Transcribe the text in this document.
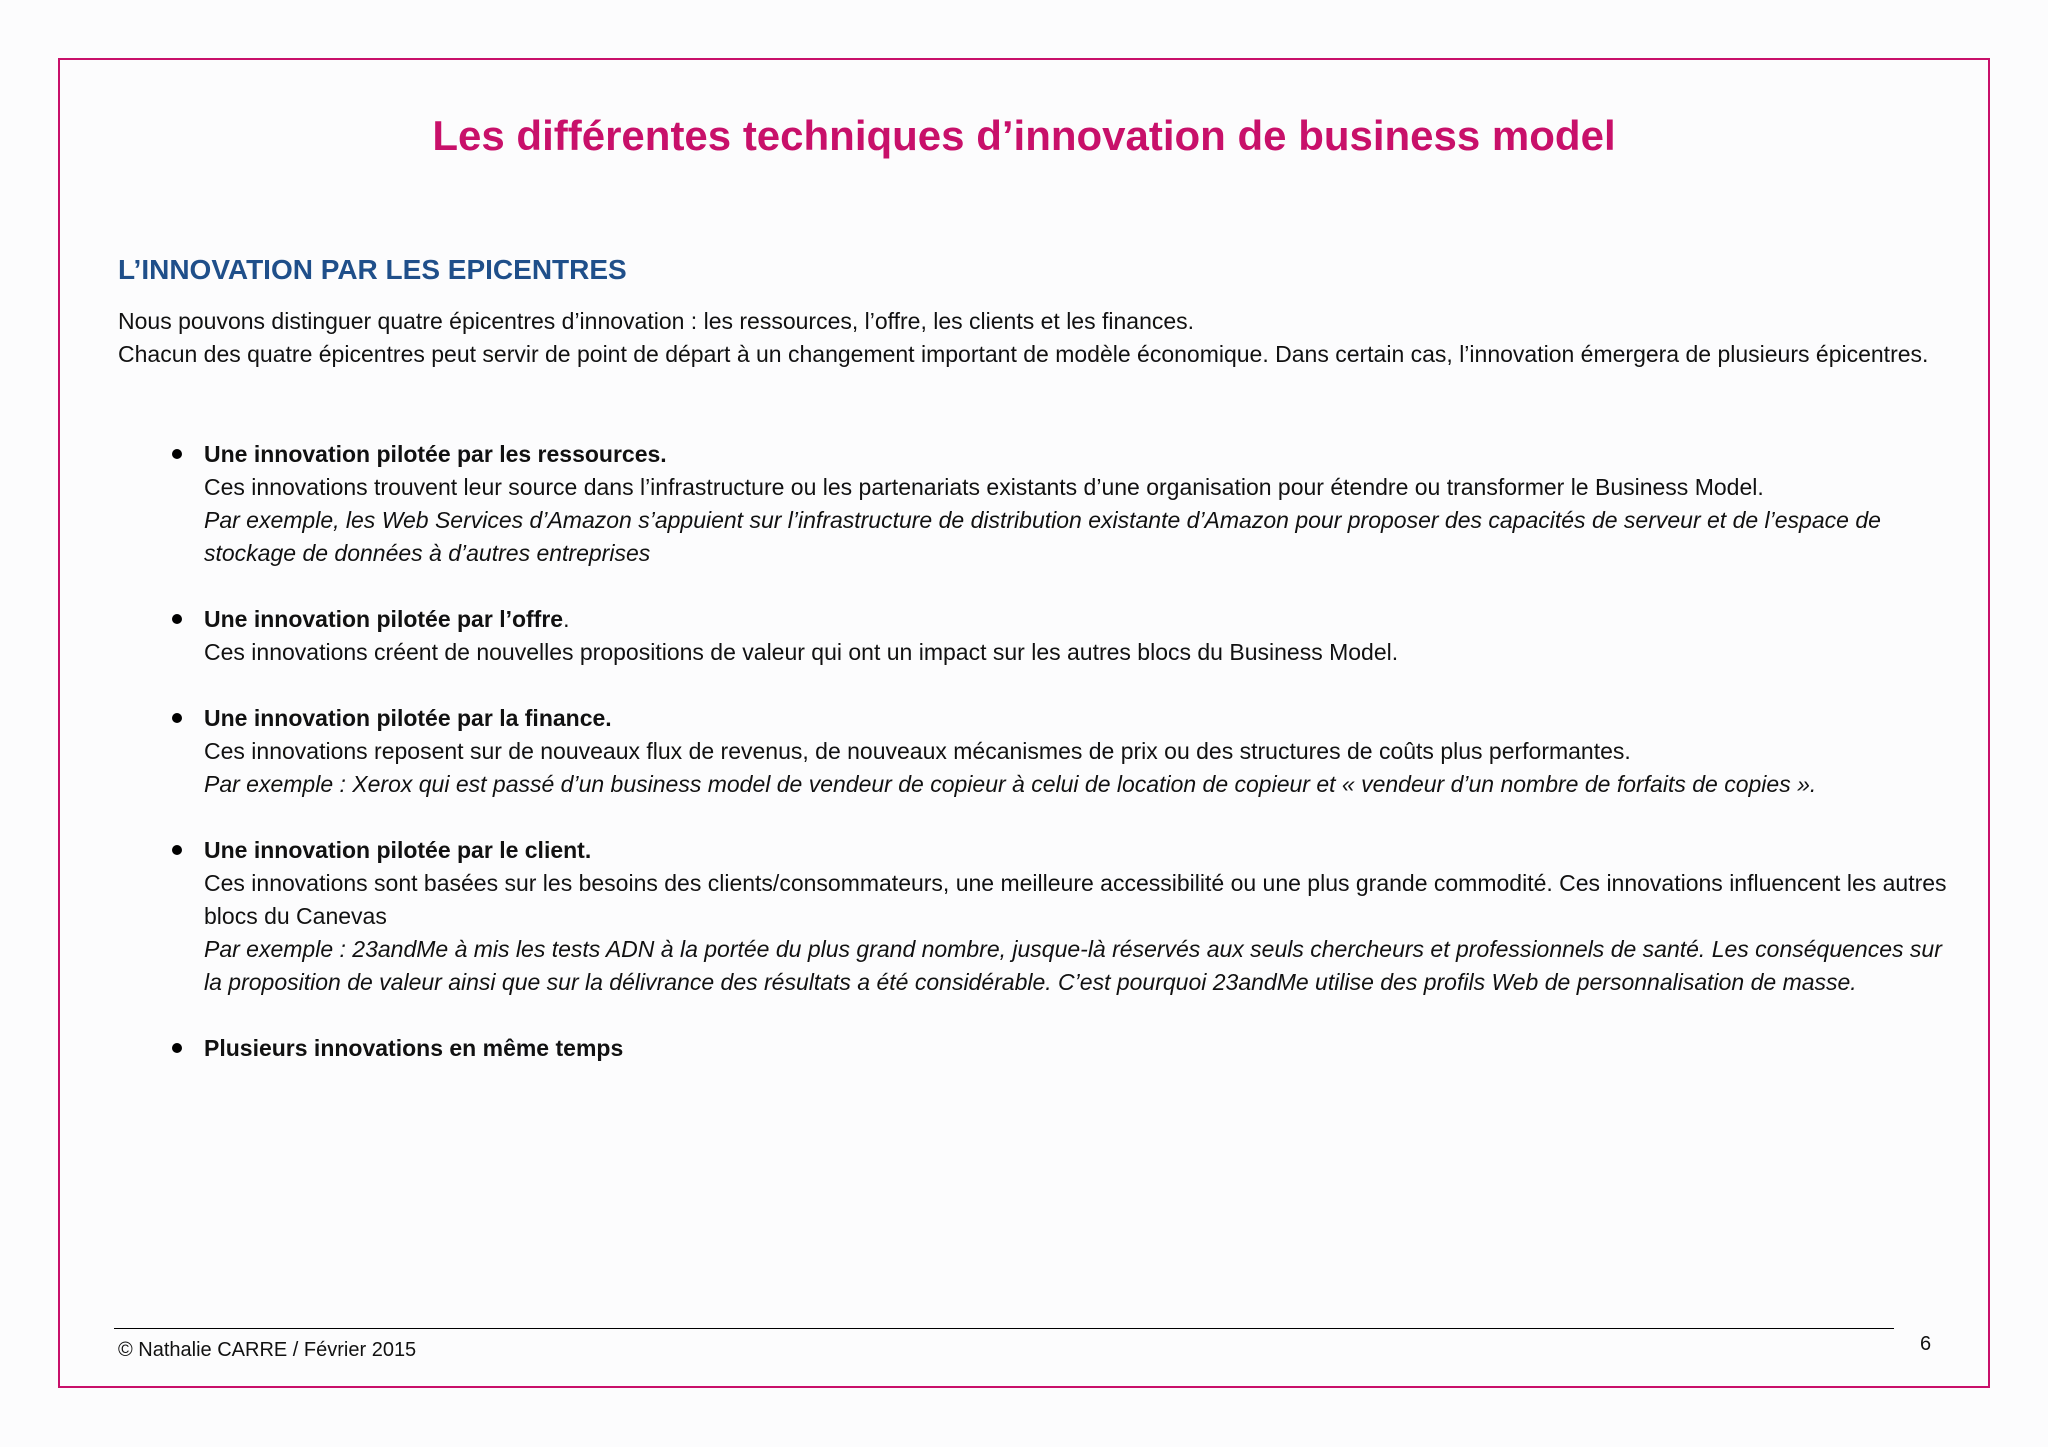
Les différentes techniques d’innovation de business model
L’INNOVATION PAR LES EPICENTRES

Nous pouvons distinguer quatre épicentres d’innovation : les ressources, l’offre, les clients et les finances.

Chacun des quatre épicentres peut servir de point de départ à un changement important de modèle économique. Dans certain cas, l’innovation émergera de plusieurs épicentres.

Une innovation pilotée par les ressources.
Ces innovations trouvent leur source dans l’infrastructure ou les partenariats existants d’une organisation pour étendre ou transformer le Business Model.
Par exemple, les Web Services d’Amazon s’appuient sur l’infrastructure de distribution existante d’Amazon pour proposer des capacités de serveur et de l’espace de stockage de données à d’autres entreprises
Une innovation pilotée par l’offre.
Ces innovations créent de nouvelles propositions de valeur qui ont un impact sur les autres blocs du Business Model.
Une innovation pilotée par la finance.
Ces innovations reposent sur de nouveaux flux de revenus, de nouveaux mécanismes de prix ou des structures de coûts plus performantes.
Par exemple : Xerox qui est passé d’un business model de vendeur de copieur à celui de location de copieur et « vendeur d’un nombre de forfaits de copies ».
Une innovation pilotée par le client.
Ces innovations sont basées sur les besoins des clients/consommateurs, une meilleure accessibilité ou une plus grande commodité. Ces innovations influencent les autres blocs du Canevas
Par exemple : 23andMe à mis les tests ADN à la portée du plus grand nombre, jusque-là réservés aux seuls chercheurs et professionnels de santé. Les conséquences sur la proposition de valeur ainsi que sur la délivrance des résultats a été considérable. C’est pourquoi 23andMe utilise des profils Web de personnalisation de masse.
Plusieurs innovations en même temps
© Nathalie CARRE / Février 2015	6
